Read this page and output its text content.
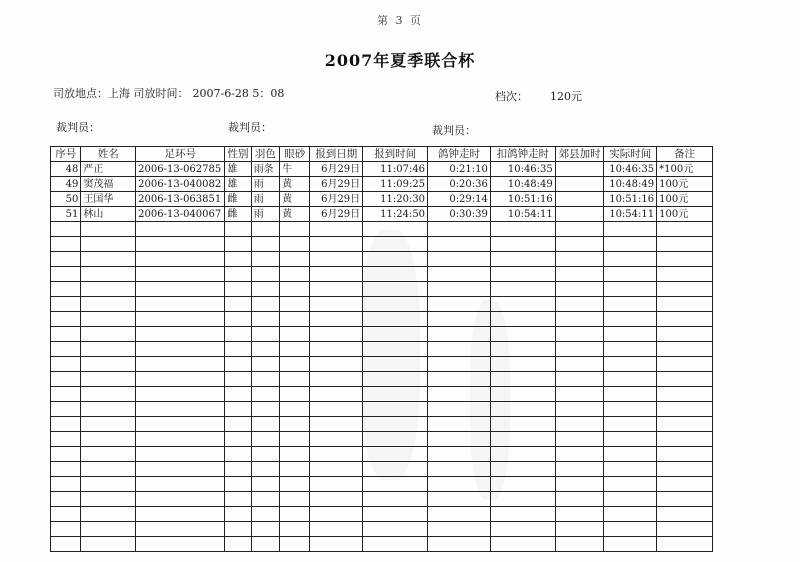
第 3 页
2007年夏季联合杯
司放地点：上海 司放时间： 2007-6-28 5：08	档次： 120元
裁判员：	裁判员：	裁判员：
序号	姓名	足环号	性别	羽色	眼砂	报到日期	报到时间	鸽钟走时	扣鸽钟走时	郊县加时	实际时间	备注
48	严正	2006-13-062785	雄	雨条	牛	6月29日	11:07:46	0:21:10	10:46:35		10:46:35	*100元
49	窦茂福	2006-13-040082	雄	雨	黄	6月29日	11:09:25	0:20:36	10:48:49		10:48:49	100元
50	王国华	2006-13-063851	雌	雨	黄	6月29日	11:20:30	0:29:14	10:51:16		10:51:16	100元
51	林山	2006-13-040067	雌	雨	黄	6月29日	11:24:50	0:30:39	10:54:11		10:54:11	100元
